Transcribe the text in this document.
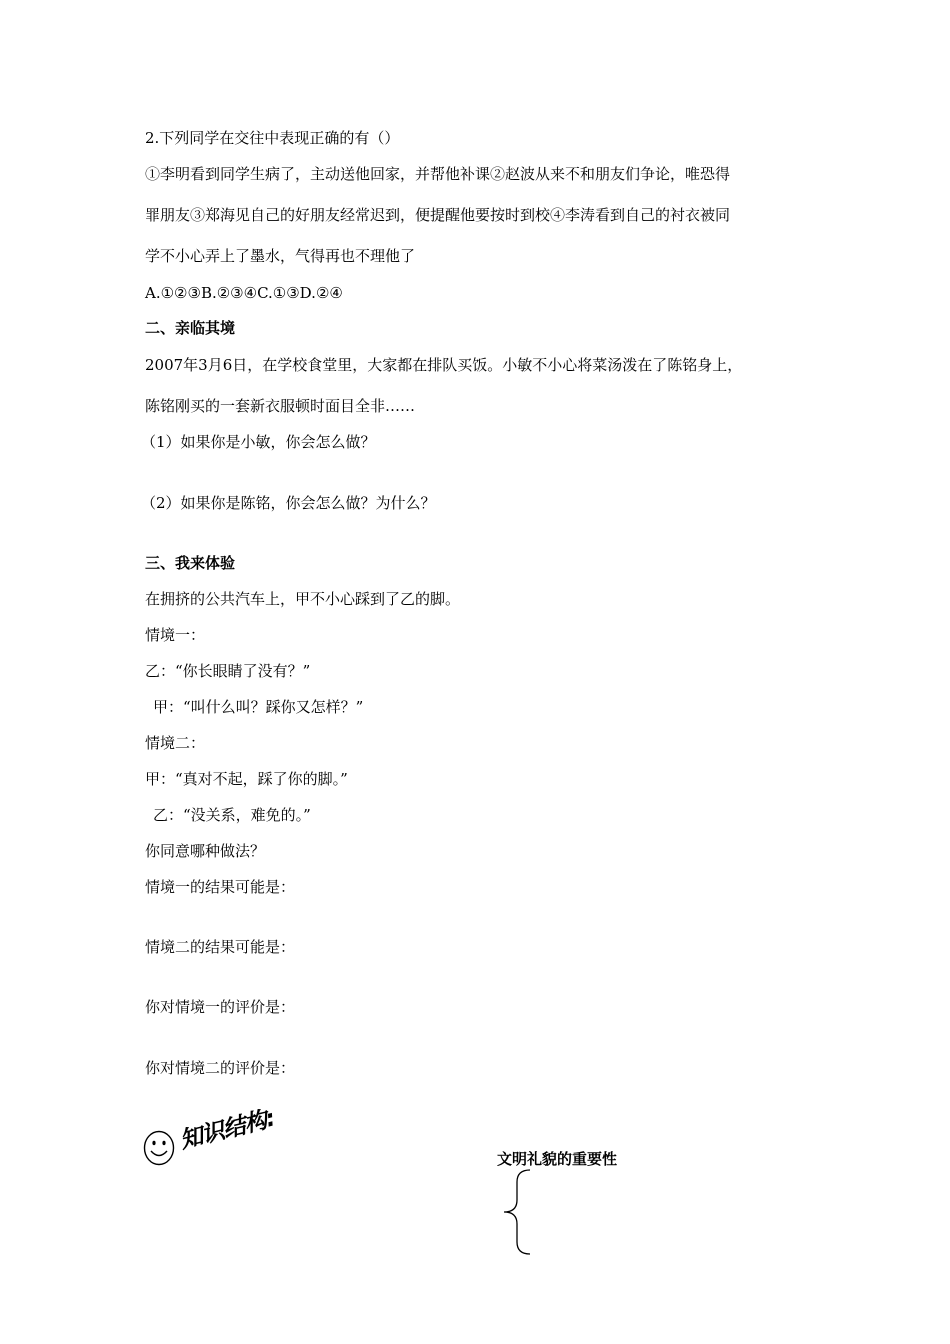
2.下列同学在交往中表现正确的有（）
①李明看到同学生病了，主动送他回家，并帮他补课②赵波从来不和朋友们争论，唯恐得
罪朋友③郑海见自己的好朋友经常迟到，便提醒他要按时到校④李涛看到自己的衬衣被同
学不小心弄上了墨水，气得再也不理他了
A.①②③B.②③④C.①③D.②④
二、亲临其境
2007年3月6日，在学校食堂里，大家都在排队买饭。小敏不小心将菜汤泼在了陈铭身上，
陈铭刚买的一套新衣服顿时面目全非……
（1）如果你是小敏，你会怎么做？
（2）如果你是陈铭，你会怎么做？为什么？
三、我来体验
在拥挤的公共汽车上，甲不小心踩到了乙的脚。
情境一：
乙：“你长眼睛了没有？”
甲：“叫什么叫？踩你又怎样？”
情境二：
甲：“真对不起，踩了你的脚。”
乙：“没关系，难免的。”
你同意哪种做法？
情境一的结果可能是：
情境二的结果可能是：
你对情境一的评价是：
你对情境二的评价是：
知识结构:
文明礼貌的重要性
